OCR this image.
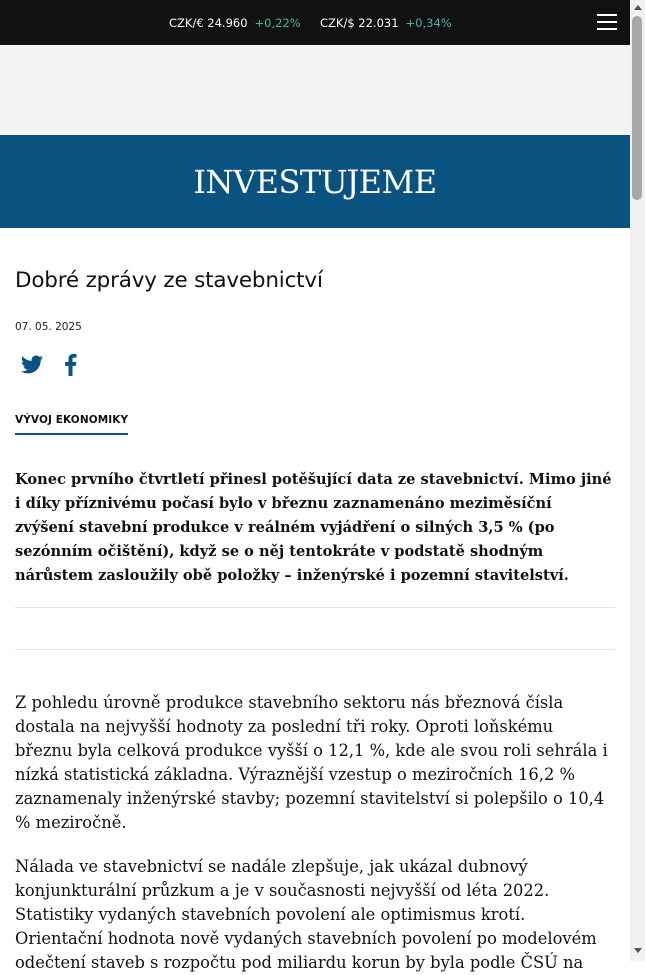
CZK/€ 24.960 +0,22% CZK/$ 22.031 +0,34%
INVESTUJEME
Dobré zprávy ze stavebnictví
07. 05. 2025
VÝVOJ EKONOMIKY

Konec prvního čtvrtletí přinesl potěšující data ze stavebnictví. Mimo jiné i díky příznivému počasí bylo v březnu zaznamenáno meziměsíční zvýšení stavební produkce v reálném vyjádření o silných 3,5 % (po sezónním očištění), když se o něj tentokráte v podstatě shodným nárůstem zasloužily obě položky – inženýrské i pozemní stavitelství.

Z pohledu úrovně produkce stavebního sektoru nás březnová čísla dostala na nejvyšší hodnoty za poslední tři roky. Oproti loňskému březnu byla celková produkce vyšší o 12,1 %, kde ale svou roli sehrála i nízká statistická základna. Výraznější vzestup o meziročních 16,2 % zaznamenaly inženýrské stavby; pozemní stavitelství si polepšilo o 10,4 % meziročně.

Nálada ve stavebnictví se nadále zlepšuje, jak ukázal dubnový konjunkturální průzkum a je v současnosti nejvyšší od léta 2022. Statistiky vydaných stavebních povolení ale optimismus krotí. Orientační hodnota nově vydaných stavebních povolení po modelovém odečtení staveb s rozpočtu pod miliardu korun by byla podle ČSÚ na
